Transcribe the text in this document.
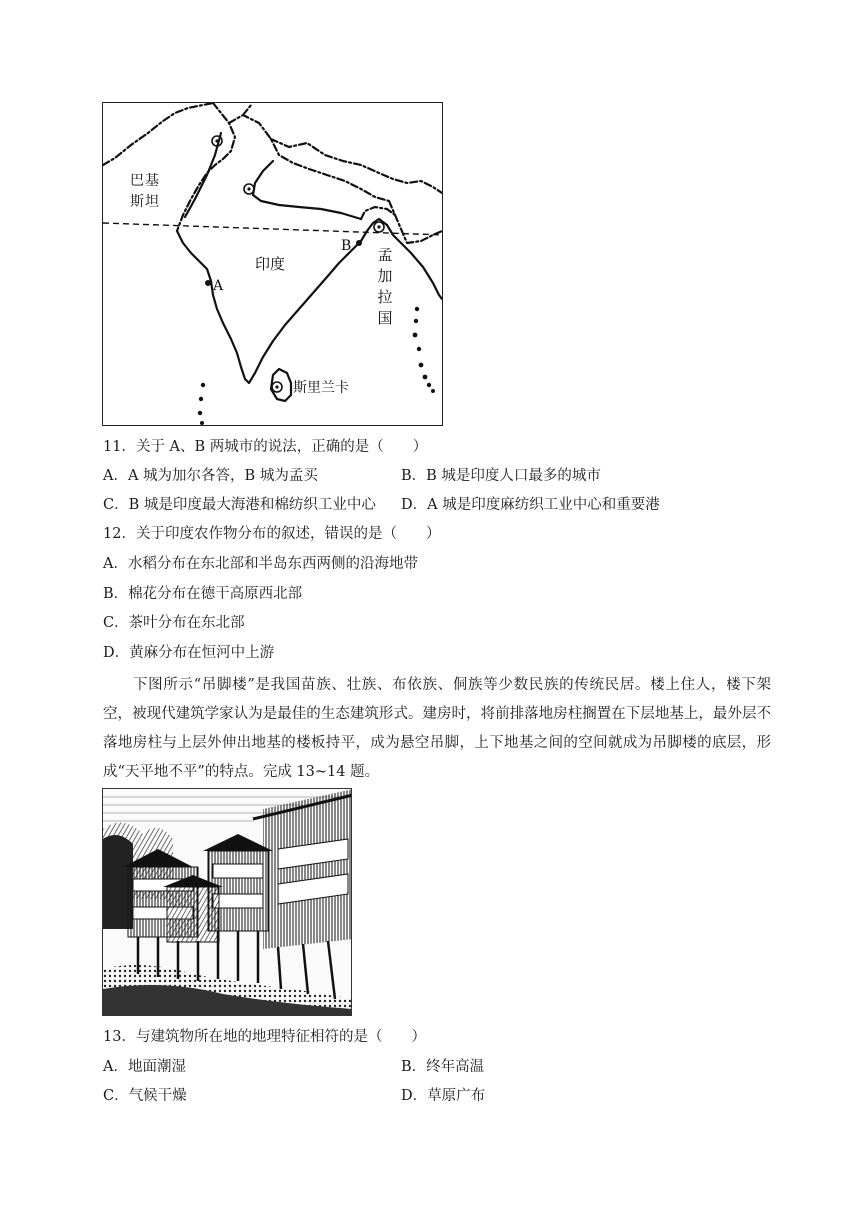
巴基斯坦
印度	孟加拉国
斯里兰卡
A
B
11．关于 A、B 两城市的说法，正确的是（　　）
A．A 城为加尔各答，B 城为孟买	B．B 城是印度人口最多的城市
C．B 城是印度最大海港和棉纺织工业中心 D．A 城是印度麻纺织工业中心和重要港
12．关于印度农作物分布的叙述，错误的是（　　）
A．水稻分布在东北部和半岛东西两侧的沿海地带
B．棉花分布在德干高原西北部
C．茶叶分布在东北部
D．黄麻分布在恒河中上游
下图所示“吊脚楼”是我国苗族、壮族、布依族、侗族等少数民族的传统民居。楼上住人，楼下架空，被现代建筑学家认为是最佳的生态建筑形式。建房时，将前排落地房柱搁置在下层地基上，最外层不落地房柱与上层外伸出地基的楼板持平，成为悬空吊脚，上下地基之间的空间就成为吊脚楼的底层，形成“天平地不平”的特点。完成 13~14 题。
13．与建筑物所在地的地理特征相符的是（　　）
A．地面潮湿	B．终年高温
C．气候干燥	D．草原广布
